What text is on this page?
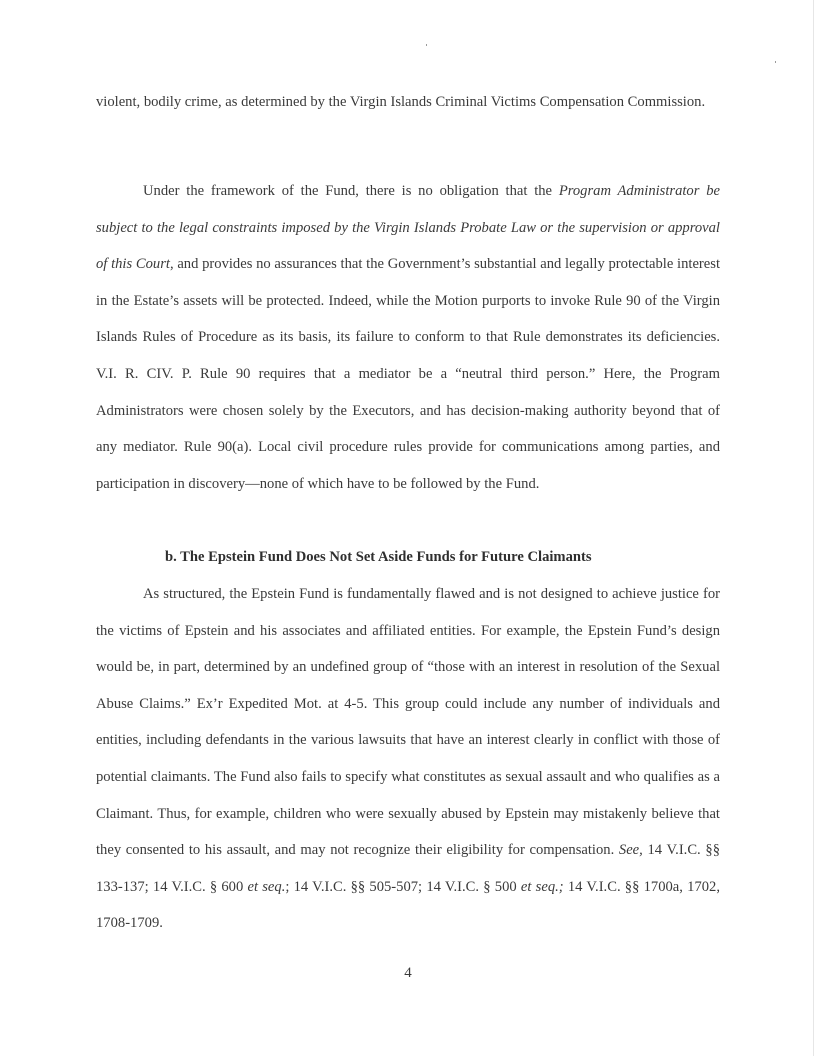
violent, bodily crime, as determined by the Virgin Islands Criminal Victims Compensation Commission.

Under the framework of the Fund, there is no obligation that the Program Administrator be subject to the legal constraints imposed by the Virgin Islands Probate Law or the supervision or approval of this Court, and provides no assurances that the Government’s substantial and legally protectable interest in the Estate’s assets will be protected. Indeed, while the Motion purports to invoke Rule 90 of the Virgin Islands Rules of Procedure as its basis, its failure to conform to that Rule demonstrates its deficiencies. V.I. R. CIV. P. Rule 90 requires that a mediator be a “neutral third person.” Here, the Program Administrators were chosen solely by the Executors, and has decision-making authority beyond that of any mediator. Rule 90(a). Local civil procedure rules provide for communications among parties, and participation in discovery—none of which have to be followed by the Fund.

b. The Epstein Fund Does Not Set Aside Funds for Future Claimants

As structured, the Epstein Fund is fundamentally flawed and is not designed to achieve justice for the victims of Epstein and his associates and affiliated entities. For example, the Epstein Fund’s design would be, in part, determined by an undefined group of “those with an interest in resolution of the Sexual Abuse Claims.” Ex’r Expedited Mot. at 4-5. This group could include any number of individuals and entities, including defendants in the various lawsuits that have an interest clearly in conflict with those of potential claimants. The Fund also fails to specify what constitutes as sexual assault and who qualifies as a Claimant. Thus, for example, children who were sexually abused by Epstein may mistakenly believe that they consented to his assault, and may not recognize their eligibility for compensation. See, 14 V.I.C. §§ 133-137; 14 V.I.C. § 600 et seq.; 14 V.I.C. §§ 505-507; 14 V.I.C. § 500 et seq.; 14 V.I.C. §§ 1700a, 1702, 1708-1709.

4
